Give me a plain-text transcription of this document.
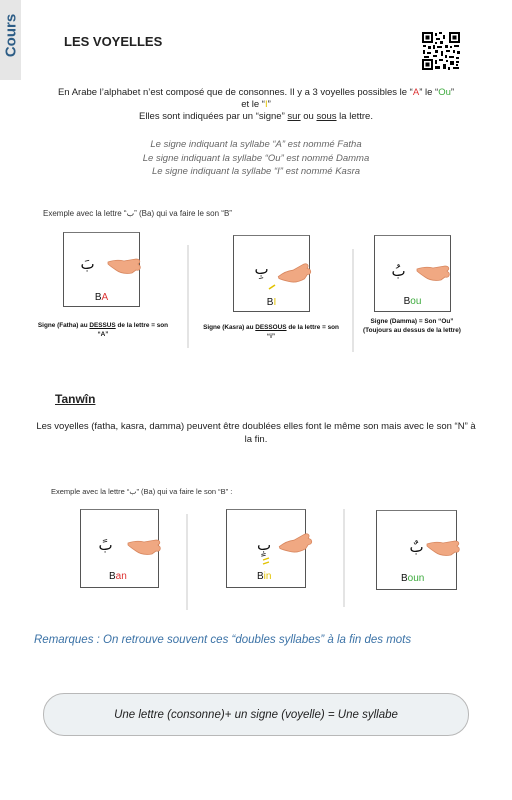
Cours	LES VOYELLES
En Arabe l’alphabet n’est composé que de consonnes. Il y a 3 voyelles possibles le “A” le “Ou”
et le “I”
Elles sont indiquées par un “signe” sur ou sous la lettre.
Le signe indiquant la syllabe “A” est nommé Fatha
Le signe indiquant la syllabe “Ou” est nommé Damma
Le signe indiquant la syllabe “I” est nommé Kasra
Exemple avec la lettre “ب” (Ba) qui va faire le son “B”
بَ
BA
Signe (Fatha) au DESSUS de la lettre = son “A”
بِ
BI
Signe (Kasra) au DESSOUS de la lettre = son “i”
بُ
Bou
Signe (Damma) = Son “Ou” (Toujours au dessus de la lettre)
Tanwîn
Les voyelles (fatha, kasra, damma) peuvent être doublées elles font le même son mais avec le son “N” à la fin.
Exemple avec la lettre “ب” (Ba) qui va faire le son “B” :
بً
Ban
بٍ
Bin
بٌ
Boun
Remarques : On retrouve souvent ces “doubles syllabes” à la fin des mots
Une lettre (consonne)+ un signe (voyelle) = Une syllabe
